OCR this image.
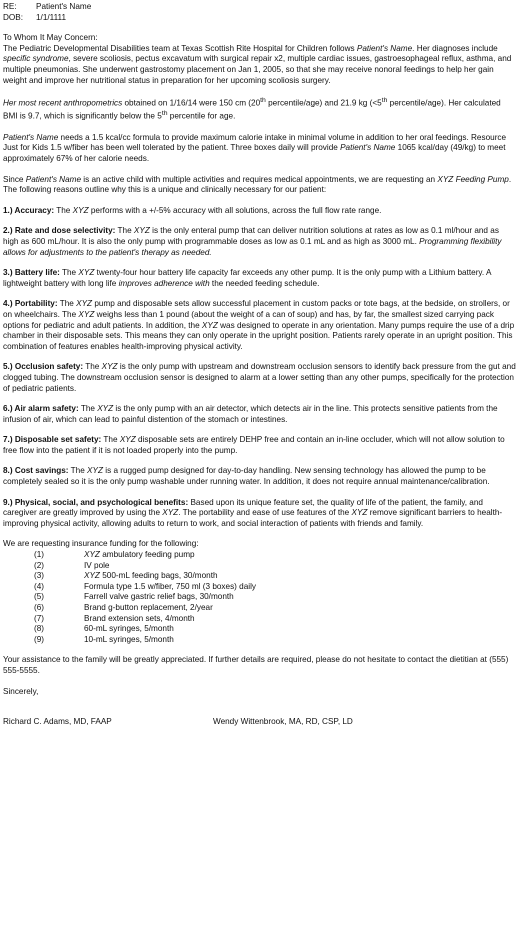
RE:	Patient's Name
DOB:	1/1/1111
To Whom It May Concern:

The Pediatric Developmental Disabilities team at Texas Scottish Rite Hospital for Children follows Patient's Name. Her diagnoses include specific syndrome, severe scoliosis, pectus excavatum with surgical repair x2, multiple cardiac issues, gastroesophageal reflux, asthma, and multiple pneumonias. She underwent gastrostomy placement on Jan 1, 2005, so that she may receive nonoral feedings to help her gain weight and improve her nutritional status in preparation for her upcoming scoliosis surgery.

Her most recent anthropometrics obtained on 1/16/14 were 150 cm (20th percentile/age) and 21.9 kg (<5th percentile/age). Her calculated BMI is 9.7, which is significantly below the 5th percentile for age.

Patient's Name needs a 1.5 kcal/cc formula to provide maximum calorie intake in minimal volume in addition to her oral feedings. Resource Just for Kids 1.5 w/fiber has been well tolerated by the patient. Three boxes daily will provide Patient's Name 1065 kcal/day (49/kg) to meet approximately 67% of her calorie needs.

Since Patient's Name is an active child with multiple activities and requires medical appointments, we are requesting an XYZ Feeding Pump. The following reasons outline why this is a unique and clinically necessary for our patient:

1.) Accuracy: The XYZ performs with a +/-5% accuracy with all solutions, across the full flow rate range.
2.) Rate and dose selectivity: The XYZ is the only enteral pump that can deliver nutrition solutions at rates as low as 0.1 ml/hour and as high as 600 mL/hour. It is also the only pump with programmable doses as low as 0.1 mL and as high as 3000 mL. Programming flexibility allows for adjustments to the patient's therapy as needed.
3.) Battery life: The XYZ twenty-four hour battery life capacity far exceeds any other pump. It is the only pump with a Lithium battery. A lightweight battery with long life improves adherence with the needed feeding schedule.
4.) Portability: The XYZ pump and disposable sets allow successful placement in custom packs or tote bags, at the bedside, on strollers, or on wheelchairs. The XYZ weighs less than 1 pound (about the weight of a can of soup) and has, by far, the smallest sized carrying pack options for pediatric and adult patients. In addition, the XYZ was designed to operate in any orientation. Many pumps require the use of a drip chamber in their disposable sets. This means they can only operate in the upright position. Patients rarely operate in an upright position. This combination of features enables health-improving physical activity.
5.) Occlusion safety: The XYZ is the only pump with upstream and downstream occlusion sensors to identify back pressure from the gut and clogged tubing. The downstream occlusion sensor is designed to alarm at a lower setting than any other pumps, specifically for the protection of pediatric patients.
6.) Air alarm safety: The XYZ is the only pump with an air detector, which detects air in the line. This protects sensitive patients from the infusion of air, which can lead to painful distention of the stomach or intestines.
7.) Disposable set safety: The XYZ disposable sets are entirely DEHP free and contain an in-line occluder, which will not allow solution to free flow into the patient if it is not loaded properly into the pump.
8.) Cost savings: The XYZ is a rugged pump designed for day-to-day handling. New sensing technology has allowed the pump to be completely sealed so it is the only pump washable under running water. In addition, it does not require annual maintenance/calibration.
9.) Physical, social, and psychological benefits: Based upon its unique feature set, the quality of life of the patient, the family, and caregiver are greatly improved by using the XYZ. The portability and ease of use features of the XYZ remove significant barriers to health-improving physical activity, allowing adults to return to work, and social interaction of patients with friends and family.
We are requesting insurance funding for the following:
(1)	XYZ ambulatory feeding pump
(2)	IV pole
(3)	XYZ 500-mL feeding bags, 30/month
(4)	Formula type 1.5 w/fiber, 750 ml (3 boxes) daily
(5)	Farrell valve gastric relief bags, 30/month
(6)	Brand g-button replacement, 2/year
(7)	Brand extension sets, 4/month
(8)	60-mL syringes, 5/month
(9)	10-mL syringes, 5/month

Your assistance to the family will be greatly appreciated. If further details are required, please do not hesitate to contact the dietitian at (555) 555-5555.

Sincerely,
Richard C. Adams, MD, FAAP	Wendy Wittenbrook, MA, RD, CSP, LD
